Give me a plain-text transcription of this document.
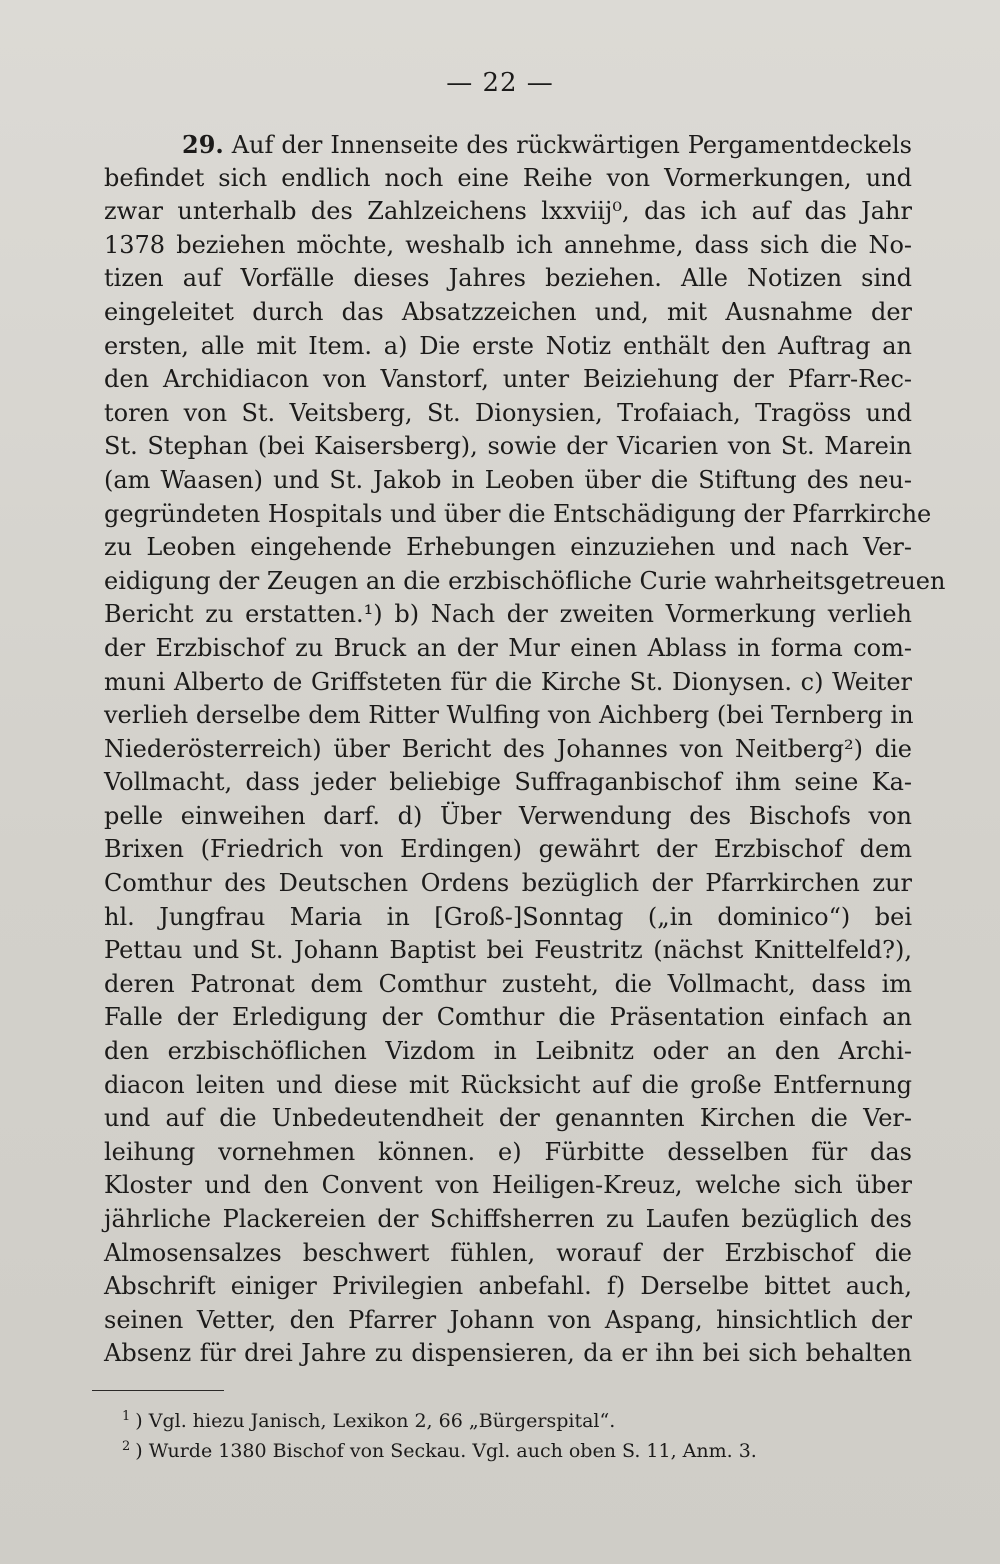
— 22 —
29. Auf der Innenseite des rückwärtigen Pergamentdeckels
befindet sich endlich noch eine Reihe von Vormerkungen, und
zwar unterhalb des Zahlzeichens lxxviij⁰, das ich auf das Jahr
1378 beziehen möchte, weshalb ich annehme, dass sich die No-
tizen auf Vorfälle dieses Jahres beziehen. Alle Notizen sind
eingeleitet durch das Absatzzeichen und, mit Ausnahme der
ersten, alle mit Item. a) Die erste Notiz enthält den Auftrag an
den Archidiacon von Vanstorf, unter Beiziehung der Pfarr-Rec-
toren von St. Veitsberg, St. Dionysien, Trofaiach, Tragöss und
St. Stephan (bei Kaisersberg), sowie der Vicarien von St. Marein
(am Waasen) und St. Jakob in Leoben über die Stiftung des neu-
gegründeten Hospitals und über die Entschädigung der Pfarrkirche
zu Leoben eingehende Erhebungen einzuziehen und nach Ver-
eidigung der Zeugen an die erzbischöfliche Curie wahrheitsgetreuen
Bericht zu erstatten.¹) b) Nach der zweiten Vormerkung verlieh
der Erzbischof zu Bruck an der Mur einen Ablass in forma com-
muni Alberto de Griffsteten für die Kirche St. Dionysen. c) Weiter
verlieh derselbe dem Ritter Wulfing von Aichberg (bei Ternberg in
Niederösterreich) über Bericht des Johannes von Neitberg²) die
Vollmacht, dass jeder beliebige Suffraganbischof ihm seine Ka-
pelle einweihen darf. d) Über Verwendung des Bischofs von
Brixen (Friedrich von Erdingen) gewährt der Erzbischof dem
Comthur des Deutschen Ordens bezüglich der Pfarrkirchen zur
hl. Jungfrau Maria in [Groß-]Sonntag („in dominico“) bei
Pettau und St. Johann Baptist bei Feustritz (nächst Knittelfeld?),
deren Patronat dem Comthur zusteht, die Vollmacht, dass im
Falle der Erledigung der Comthur die Präsentation einfach an
den erzbischöflichen Vizdom in Leibnitz oder an den Archi-
diacon leiten und diese mit Rücksicht auf die große Entfernung
und auf die Unbedeutendheit der genannten Kirchen die Ver-
leihung vornehmen können. e) Fürbitte desselben für das
Kloster und den Convent von Heiligen-Kreuz, welche sich über
jährliche Plackereien der Schiffsherren zu Laufen bezüglich des
Almosensalzes beschwert fühlen, worauf der Erzbischof die
Abschrift einiger Privilegien anbefahl. f) Derselbe bittet auch,
seinen Vetter, den Pfarrer Johann von Aspang, hinsichtlich der
Absenz für drei Jahre zu dispensieren, da er ihn bei sich behalten
$^1$ ) Vgl. hiezu Janisch, Lexikon 2, 66 „Bürgerspital“.
$^2$ ) Wurde 1380 Bischof von Seckau. Vgl. auch oben S. 11, Anm. 3.
